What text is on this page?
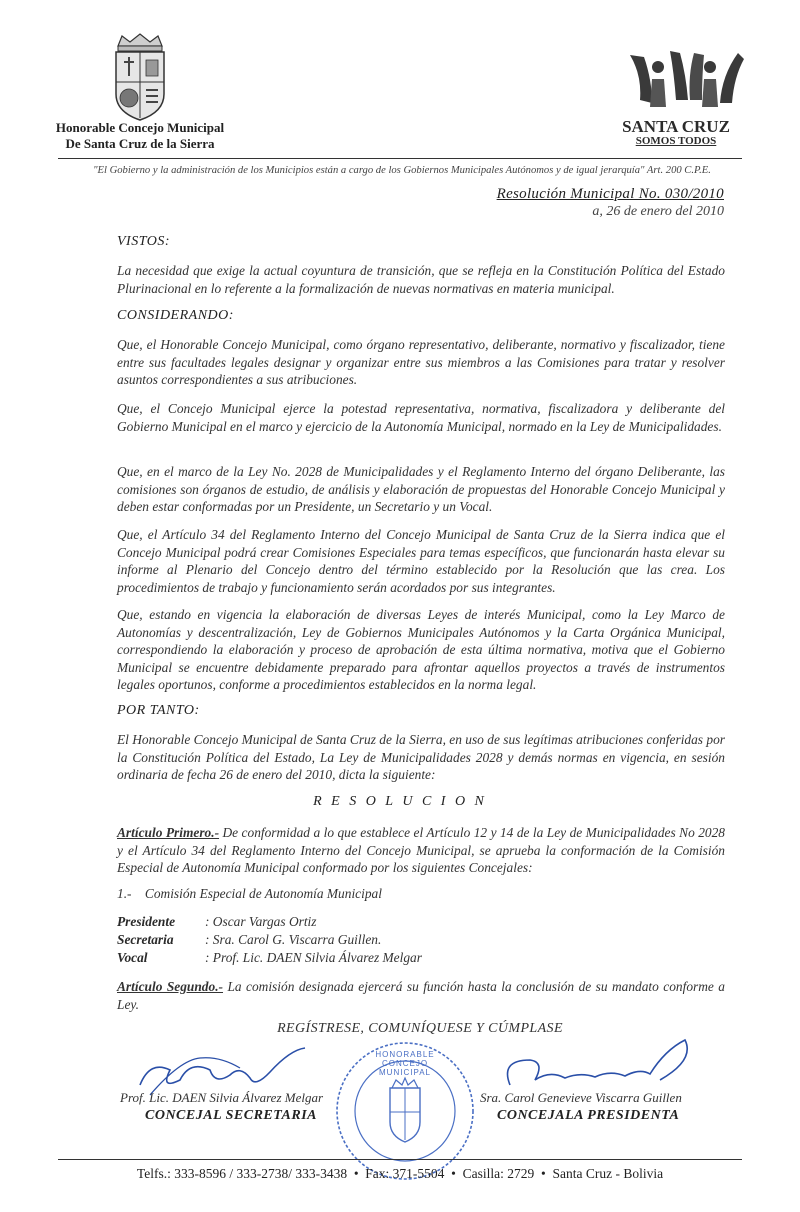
Honorable Concejo Municipal
De Santa Cruz de la Sierra
SANTA CRUZ
SOMOS TODOS
"El Gobierno y la administración de los Municipios están a cargo de los Gobiernos Municipales Autónomos y de igual jerarquía" Art. 200 C.P.E.
Resolución Municipal No. 030/2010
a, 26 de enero del 2010
VISTOS:

La necesidad que exige la actual coyuntura de transición, que se refleja en la Constitución Política del Estado Plurinacional en lo referente a la formalización de nuevas normativas en materia municipal.

CONSIDERANDO:

Que, el Honorable Concejo Municipal, como órgano representativo, deliberante, normativo y fiscalizador, tiene entre sus facultades legales designar y organizar entre sus miembros a las Comisiones para tratar y resolver asuntos correspondientes a sus atribuciones.

Que, el Concejo Municipal ejerce la potestad representativa, normativa, fiscalizadora y deliberante del Gobierno Municipal en el marco y ejercicio de la Autonomía Municipal, normado en la Ley de Municipalidades.

Que, en el marco de la Ley No. 2028 de Municipalidades y el Reglamento Interno del órgano Deliberante, las comisiones son órganos de estudio, de análisis y elaboración de propuestas del Honorable Concejo Municipal y deben estar conformadas por un Presidente, un Secretario y un Vocal.

Que, el Artículo 34 del Reglamento Interno del Concejo Municipal de Santa Cruz de la Sierra indica que el Concejo Municipal podrá crear Comisiones Especiales para temas específicos, que funcionarán hasta elevar su informe al Plenario del Concejo dentro del término establecido por la Resolución que las crea. Los procedimientos de trabajo y funcionamiento serán acordados por sus integrantes.

Que, estando en vigencia la elaboración de diversas Leyes de interés Municipal, como la Ley Marco de Autonomías y descentralización, Ley de Gobiernos Municipales Autónomos y la Carta Orgánica Municipal, correspondiendo la elaboración y proceso de aprobación de esta última normativa, motiva que el Gobierno Municipal se encuentre debidamente preparado para afrontar aquellos proyectos a través de instrumentos legales oportunos, conforme a procedimientos establecidos en la norma legal.

POR TANTO:

El Honorable Concejo Municipal de Santa Cruz de la Sierra, en uso de sus legítimas atribuciones conferidas por la Constitución Política del Estado, La Ley de Municipalidades 2028 y demás normas en vigencia, en sesión ordinaria de fecha 26 de enero del 2010, dicta la siguiente:

R E S O L U C I O N

Artículo Primero.- De conformidad a lo que establece el Artículo 12 y 14 de la Ley de Municipalidades No 2028 y el Artículo 34 del Reglamento Interno del Concejo Municipal, se aprueba la conformación de la Comisión Especial de Autonomía Municipal conformado por los siguientes Concejales:

1.-    Comisión Especial de Autonomía Municipal
Presidente : Oscar Vargas Ortiz
Secretaria : Sra. Carol G. Viscarra Guillen.
Vocal	: Prof. Lic. DAEN Silvia Álvarez Melgar

Artículo Segundo.- La comisión designada ejercerá su función hasta la conclusión de su mandato conforme a Ley.

REGÍSTRESE, COMUNÍQUESE Y CÚMPLASE
HONORABLE CONCEJO MUNICIPAL
Prof. Lic. DAEN Silvia Álvarez Melgar
CONCEJAL SECRETARIA
Sra. Carol Genevieve Viscarra Guillen
CONCEJALA PRESIDENTA
Telfs.: 333-8596 / 333-2738/ 333-3438  •  Fax: 371-5504  •  Casilla: 2729  •  Santa Cruz - Bolivia
